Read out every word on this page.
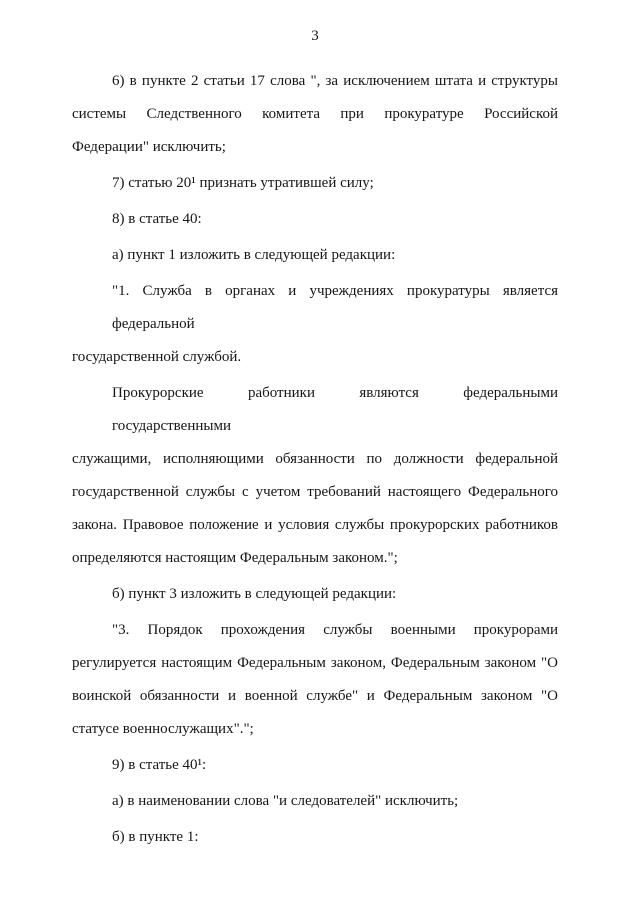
3
6) в пункте 2 статьи 17 слова ", за исключением штата и структуры
системы Следственного комитета при прокуратуре Российской
Федерации" исключить;
7) статью 20¹ признать утратившей силу;
8) в статье 40:
а) пункт 1 изложить в следующей редакции:
"1. Служба в органах и учреждениях прокуратуры является федеральной
государственной службой.
Прокурорские работники являются федеральными государственными
служащими, исполняющими обязанности по должности федеральной
государственной службы с учетом требований настоящего Федерального
закона. Правовое положение и условия службы прокурорских работников
определяются настоящим Федеральным законом.";
б) пункт 3 изложить в следующей редакции:
"3. Порядок прохождения службы военными прокурорами
регулируется настоящим Федеральным законом, Федеральным законом "О
воинской обязанности и военной службе" и Федеральным законом "О
статусе военнослужащих".";
9) в статье 40¹:
а) в наименовании слова "и следователей" исключить;
б) в пункте 1:
